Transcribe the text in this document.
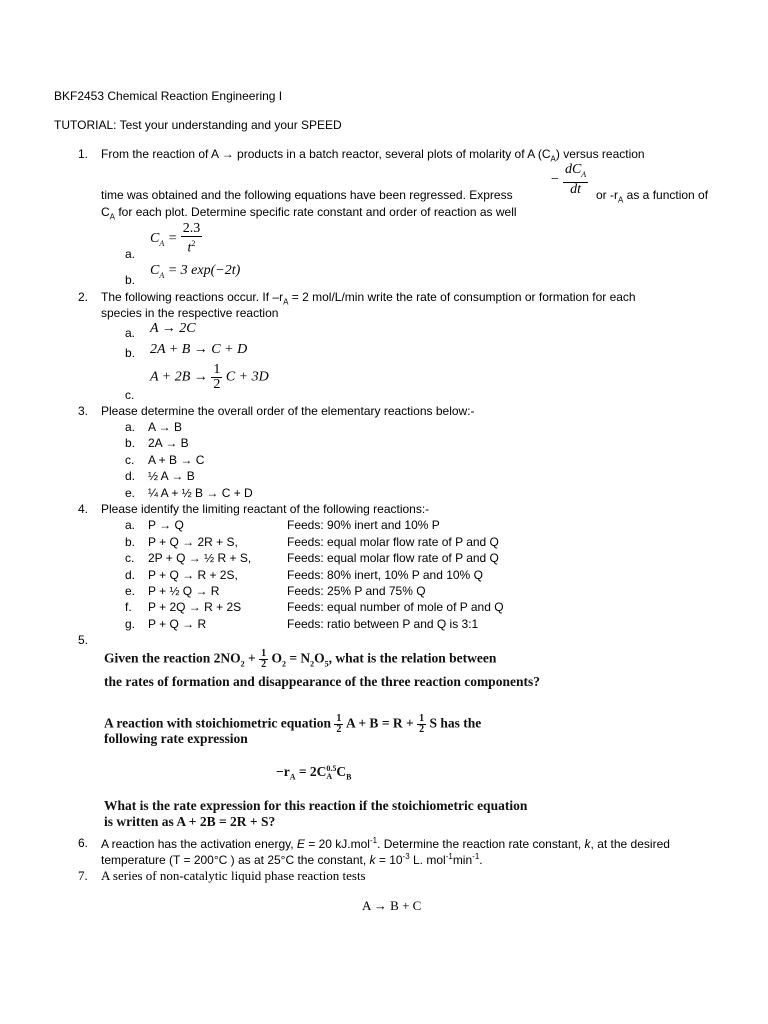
BKF2453 Chemical Reaction Engineering I
TUTORIAL: Test your understanding and your SPEED
1. From the reaction of A → products in a batch reactor, several plots of molarity of A $(C_A)$ versus reaction
time was obtained and the following equations have been regressed. Express
− $\frac{dC_A}{dt}$ or $-r_A$ as a function of
$C_A$ for each plot. Determine specific rate constant and order of reaction as well
a.
$C_A = \frac{2.3}{t^2}$
b.
$C_A = 3$ exp(−2t)
2. The following reactions occur. If $-r_A = 2$ mol/L/min write the rate of consumption or formation for each
species in the respective reaction
a. A → 2C
b. 2A + B → C + D
c.
$A + 2B \to \frac{1}{2}$ C + 3D
3. Please determine the overall order of the elementary reactions below:-
a. A → B
b. 2A → B
c. A + B → C
d. ½ A → B
e. ¼ A + ½ B → C + D
4. Please identify the limiting reactant of the following reactions:-
a. P → Q	Feeds: 90% inert and 10% P
b. P + Q → 2R + S,	Feeds: equal molar flow rate of P and Q
c. 2P + Q → ½ R + S,	Feeds: equal molar flow rate of P and Q
d. P + Q → R + 2S,	Feeds: 80% inert, 10% P and 10% Q
e. P + ½ Q → R	Feeds: 25% P and 75% Q
f. P + 2Q → R + 2S	Feeds: equal number of mole of P and Q
g. P + Q → R	Feeds: ratio between P and Q is 3:1
5.
Given the reaction $2NO_2 + \frac{1}{2} O_2 = N_2O_5$, what is the relation between
the rates of formation and disappearance of the three reaction components?
A reaction with stoichiometric equation $\frac{1}{2}$ $A + B = R + \frac{1}{2}$ S has the
following rate expression
$-r_A = 2C$ 0.5
A $C_B$
What is the rate expression for this reaction if the stoichiometric equation
is written as A + 2B = 2R + S?
6. A reaction has the activation energy, E = 20 kJ.mol$^{-1}$. Determine the reaction rate constant, k, at the desired
temperature (T = 200°C ) as at 25°C the constant, $k = 10^{-3}$ L. $mol^{-1}\min^{-1}$.
7. A series of non-catalytic liquid phase reaction tests
A → B + C
